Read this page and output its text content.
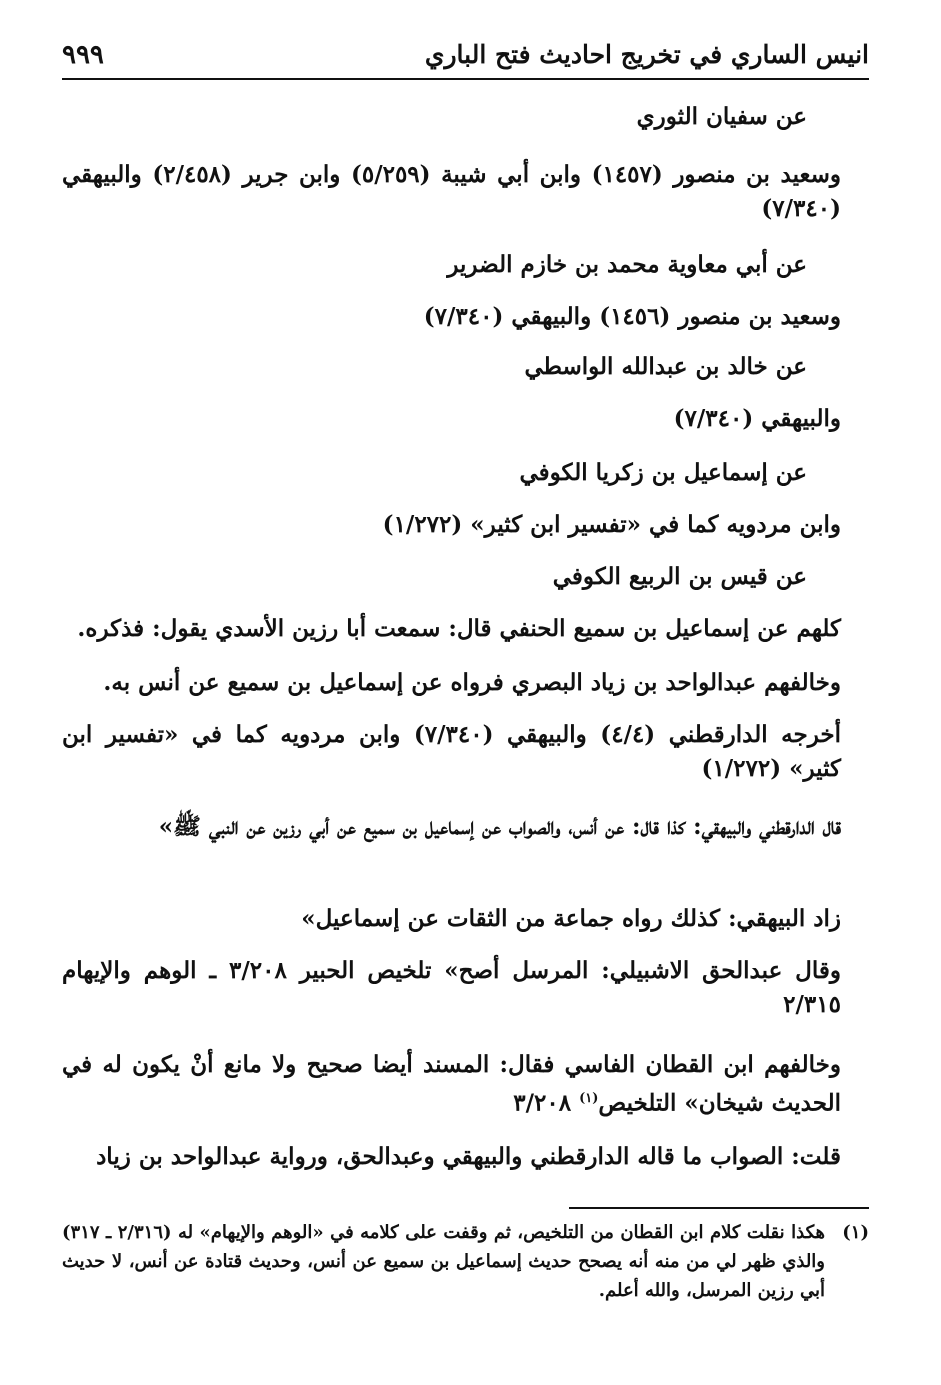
انيس الساري في تخريج احاديث فتح الباري
٩٩٩
عن سفيان الثوري
وسعيد بن منصور (١٤٥٧) وابن أبي شيبة (٥/٢٥٩) وابن جرير (٢/٤٥٨) والبيهقي (٧/٣٤٠)
عن أبي معاوية محمد بن خازم الضرير
وسعيد بن منصور (١٤٥٦) والبيهقي (٧/٣٤٠)
عن خالد بن عبدالله الواسطي
والبيهقي (٧/٣٤٠)
عن إسماعيل بن زكريا الكوفي
وابن مردويه كما في «تفسير ابن كثير» (١/٢٧٢)
عن قيس بن الربيع الكوفي
كلهم عن إسماعيل بن سميع الحنفي قال: سمعت أبا رزين الأسدي يقول: فذكره.
وخالفهم عبدالواحد بن زياد البصري فرواه عن إسماعيل بن سميع عن أنس به.
أخرجه الدارقطني (٤/٤) والبيهقي (٧/٣٤٠) وابن مردويه كما في «تفسير ابن كثير» (١/٢٧٢)
قال الدارقطني والبيهقي: كذا قال: عن أنس، والصواب عن إسماعيل بن سميع عن أبي رزين عن النبي ﷺ»
زاد البيهقي: كذلك رواه جماعة من الثقات عن إسماعيل»
وقال عبدالحق الاشبيلي: المرسل أصح» تلخيص الحبير ٣/٢٠٨ ـ الوهم والإيهام ٢/٣١٥
وخالفهم ابن القطان الفاسي فقال: المسند أيضا صحيح ولا مانع أنْ يكون له في الحديث شيخان» التلخيص$^{(١)}$ ٣/٢٠٨
قلت: الصواب ما قاله الدارقطني والبيهقي وعبدالحق، ورواية عبدالواحد بن زياد
(١)
هكذا نقلت كلام ابن القطان من التلخيص، ثم وقفت على كلامه في «الوهم والإيهام» له (٢/٣١٦ ـ ٣١٧) والذي ظهر لي من منه أنه يصحح حديث إسماعيل بن سميع عن أنس، وحديث قتادة عن أنس، لا حديث أبي رزين المرسل، والله أعلم.
